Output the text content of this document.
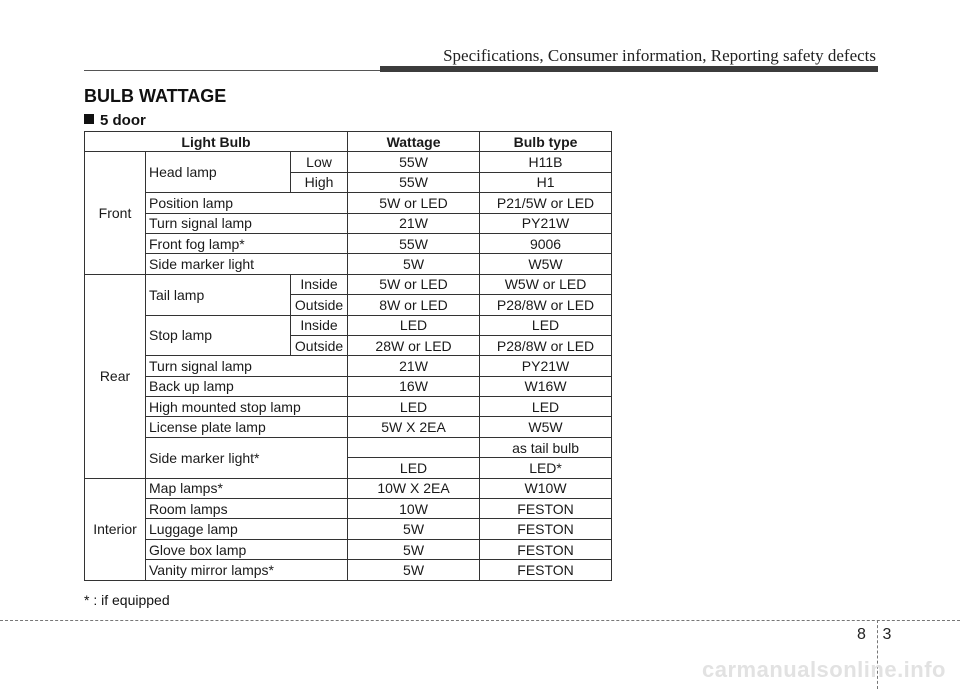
Specifications, Consumer information, Reporting safety defects
BULB WATTAGE
5 door
Light Bulb			Wattage	Bulb type
Front	Head lamp	Low	55W	H11B
		High	55W	H1
	Position lamp		5W or LED	P21/5W or LED
	Turn signal lamp		21W	PY21W
	Front fog lamp*		55W	9006
	Side marker light		5W	W5W
Rear	Tail lamp	Inside	5W or LED	W5W or LED
		Outside	8W or LED	P28/8W or LED
	Stop lamp	Inside	LED	LED
		Outside	28W or LED	P28/8W or LED
	Turn signal lamp		21W	PY21W
	Back up lamp		16W	W16W
	High mounted stop lamp		LED	LED
	License plate lamp		5W X 2EA	W5W
	Side marker light*			as tail bulb
			LED	LED*
Interior	Map lamps*		10W X 2EA	W10W
	Room lamps		10W	FESTON
	Luggage lamp		5W	FESTON
	Glove box lamp		5W	FESTON
	Vanity mirror lamps*		5W	FESTON
* : if equipped
8 3
carmanualsonline.info
